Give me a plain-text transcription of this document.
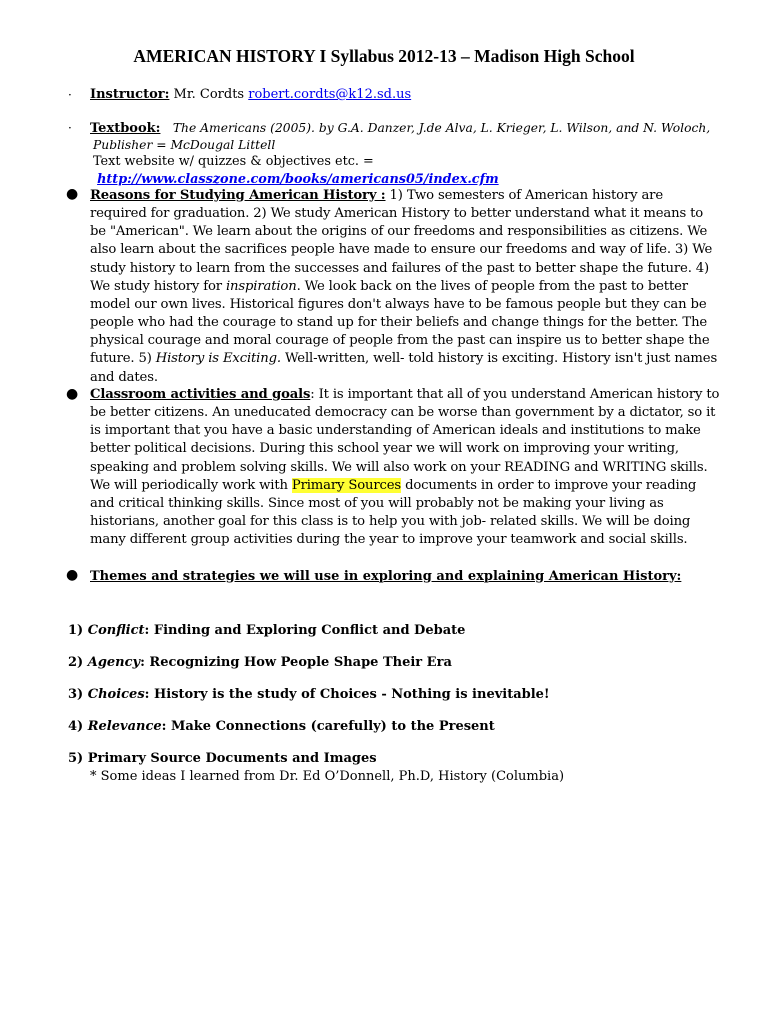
AMERICAN HISTORY I Syllabus 2012-13 – Madison High School
· Instructor: Mr. Cordts robert.cordts@k12.sd.us
· Textbook: The Americans (2005). by G.A. Danzer, J.de Alva, L. Krieger, L. Wilson, and N. Woloch,
Publisher = McDougal Littell
Text website w/ quizzes & objectives etc. =  http://www.classzone.com/books/americans05/index.cfm
● Reasons for Studying American History : 1) Two semesters of American history are required for graduation. 2) We study American History to better understand what it means to be "American". We learn about the origins of our freedoms and responsibilities as citizens. We also learn about the sacrifices people have made to ensure our freedoms and way of life. 3) We study history to learn from the successes and failures of the past to better shape the future. 4) We study history for inspiration. We look back on the lives of people from the past to better model our own lives. Historical figures don't always have to be famous people but they can be people who had the courage to stand up for their beliefs and change things for the better. The physical courage and moral courage of people from the past can inspire us to better shape the future. 5) History is Exciting. Well-written, well- told history is exciting. History isn't just names and dates.
● Classroom activities and goals: It is important that all of you understand American history to be better citizens. An uneducated democracy can be worse than government by a dictator, so it is important that you have a basic understanding of American ideals and institutions to make better political decisions. During this school year we will work on improving your writing, speaking and problem solving skills. We will also work on your READING and WRITING skills. We will periodically work with Primary Sources documents in order to improve your reading and critical thinking skills. Since most of you will probably not be making your living as historians, another goal for this class is to help you with job- related skills. We will be doing many different group activities during the year to improve your teamwork and social skills.
● Themes and strategies we will use in exploring and explaining American History:
1) Conflict: Finding and Exploring Conflict and Debate
2) Agency: Recognizing How People Shape Their Era
3) Choices: History is the study of Choices - Nothing is inevitable!
4) Relevance: Make Connections (carefully) to the Present
5) Primary Source Documents and Images
* Some ideas I learned from Dr. Ed O’Donnell, Ph.D, History (Columbia)
